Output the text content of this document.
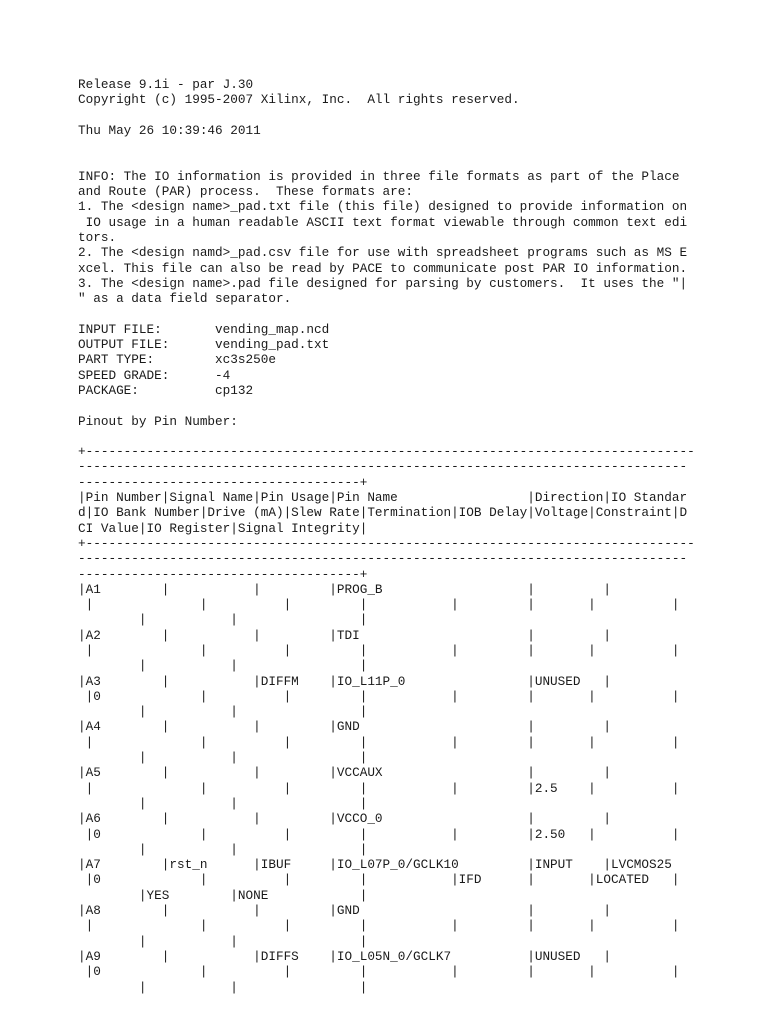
Release 9.1i - par J.30
Copyright (c) 1995-2007 Xilinx, Inc.  All rights reserved.
Thu May 26 10:39:46 2011
INFO: The IO information is provided in three file formats as part of the Place
and Route (PAR) process.  These formats are:
1. The <design name>_pad.txt file (this file) designed to provide information on
IO usage in a human readable ASCII text format viewable through common text edi
tors.
2. The <design namd>_pad.csv file for use with spreadsheet programs such as MS E
xcel. This file can also be read by PACE to communicate post PAR IO information.
3. The <design name>.pad file designed for parsing by customers.  It uses the "|
" as a data field separator.
INPUT FILE:       vending_map.ncd
OUTPUT FILE:      vending_pad.txt
PART TYPE:        xc3s250e
SPEED GRADE:      -4
PACKAGE:          cp132
Pinout by Pin Number:
+--------------------------------------------------------------------------------
--------------------------------------------------------------------------------
-------------------------------------+
|Pin Number|Signal Name|Pin Usage|Pin Name                 |Direction|IO Standar
d|IO Bank Number|Drive (mA)|Slew Rate|Termination|IOB Delay|Voltage|Constraint|D
CI Value|IO Register|Signal Integrity|
+--------------------------------------------------------------------------------
--------------------------------------------------------------------------------
-------------------------------------+
|A1        |           |         |PROG_B                   |         |
|              |          |         |           |         |       |          |
|           |                |
|A2        |           |         |TDI                      |         |
|              |          |         |           |         |       |          |
|           |                |
|A3        |           |DIFFM    |IO_L11P_0                |UNUSED   |
|0             |          |         |           |         |       |          |
|           |                |
|A4        |           |         |GND                      |         |
|              |          |         |           |         |       |          |
|           |                |
|A5        |           |         |VCCAUX                   |         |
|              |          |         |           |         |2.5    |          |
|           |                |
|A6        |           |         |VCCO_0                   |         |
|0             |          |         |           |         |2.50   |          |
|           |                |
|A7        |rst_n      |IBUF     |IO_L07P_0/GCLK10         |INPUT    |LVCMOS25
|0             |          |         |           |IFD      |       |LOCATED   |
|YES        |NONE            |
|A8        |           |         |GND                      |         |
|              |          |         |           |         |       |          |
|           |                |
|A9        |           |DIFFS    |IO_L05N_0/GCLK7          |UNUSED   |
|0             |          |         |           |         |       |          |
|           |                |
